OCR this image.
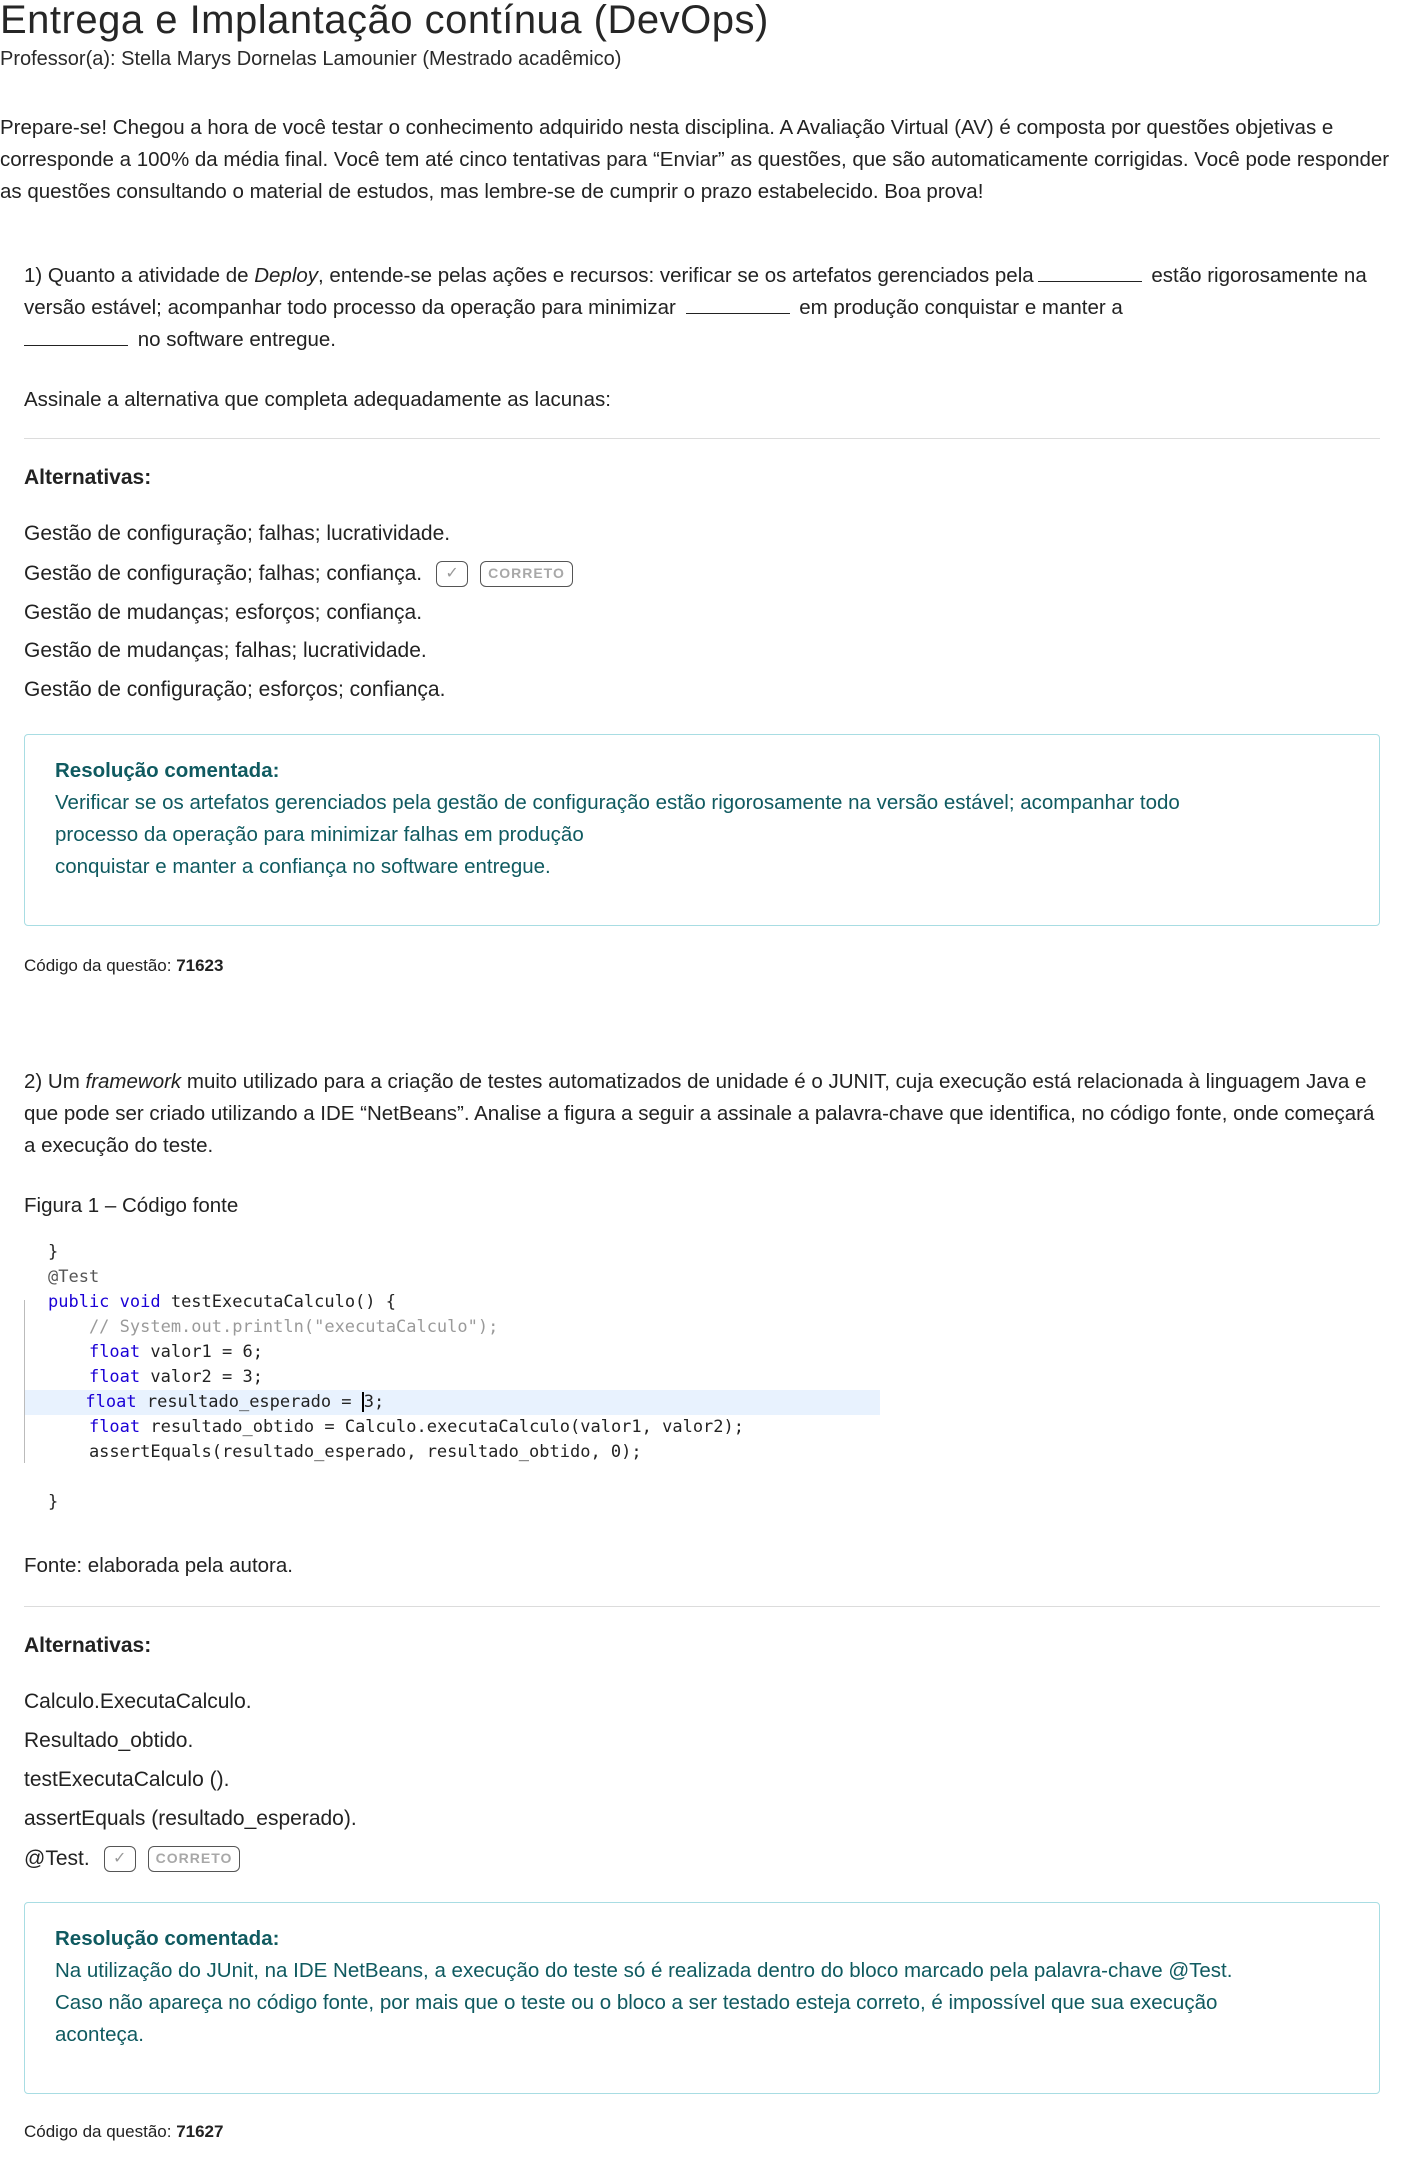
Entrega e Implantação contínua (DevOps)
Professor(a): Stella Marys Dornelas Lamounier (Mestrado acadêmico)
Prepare-se! Chegou a hora de você testar o conhecimento adquirido nesta disciplina. A Avaliação Virtual (AV) é composta por questões objetivas e corresponde a 100% da média final. Você tem até cinco tentativas para “Enviar” as questões, que são automaticamente corrigidas. Você pode responder as questões consultando o material de estudos, mas lembre-se de cumprir o prazo estabelecido. Boa prova!
1) Quanto a atividade de Deploy, entende-se pelas ações e recursos: verificar se os artefatos gerenciados pela	estão rigorosamente na versão estável; acompanhar todo processo da operação para minimizar	em produção conquistar e manter a
no software entregue.
Assinale a alternativa que completa adequadamente as lacunas:
Alternativas:
Gestão de configuração; falhas; lucratividade.
Gestão de configuração; falhas; confiança.	✓	CORRETO
Gestão de mudanças; esforços; confiança.
Gestão de mudanças; falhas; lucratividade.
Gestão de configuração; esforços; confiança.
Resolução comentada:
Verificar se os artefatos gerenciados pela gestão de configuração estão rigorosamente na versão estável; acompanhar todo
processo da operação para minimizar falhas em produção
conquistar e manter a confiança no software entregue.
Código da questão: 71623
2) Um framework muito utilizado para a criação de testes automatizados de unidade é o JUNIT, cuja execução está relacionada à linguagem Java e que pode ser criado utilizando a IDE “NetBeans”. Analise a figura a seguir a assinale a palavra-chave que identifica, no código fonte, onde começará a execução do teste.
Figura 1 – Código fonte
}
@Test
public void testExecutaCalculo() {
// System.out.println("executaCalculo");
float valor1 = 6;
float valor2 = 3;
float resultado_esperado = 3;
float resultado_obtido = Calculo.executaCalculo(valor1, valor2);
assertEquals(resultado_esperado, resultado_obtido, 0);
}
Fonte: elaborada pela autora.
Alternativas:
Calculo.ExecutaCalculo.
Resultado_obtido.
testExecutaCalculo ().
assertEquals (resultado_esperado).
@Test.	✓	CORRETO
Resolução comentada:
Na utilização do JUnit, na IDE NetBeans, a execução do teste só é realizada dentro do bloco marcado pela palavra-chave @Test.
Caso não apareça no código fonte, por mais que o teste ou o bloco a ser testado esteja correto, é impossível que sua execução
aconteça.
Código da questão: 71627
